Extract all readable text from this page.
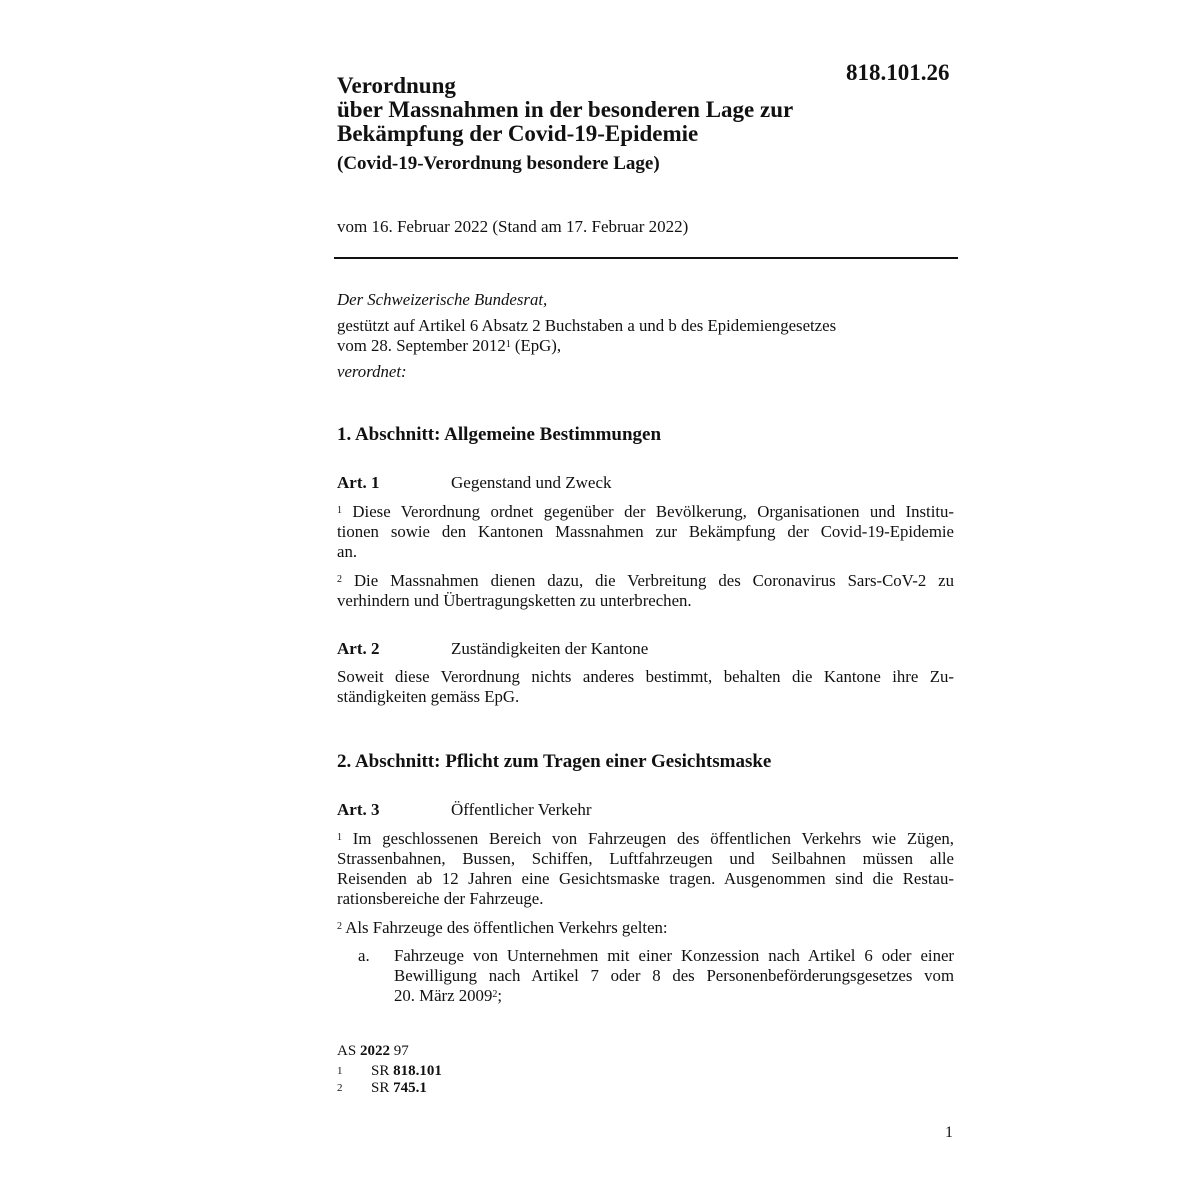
818.101.26
Verordnung
über Massnahmen in der besonderen Lage zur
Bekämpfung der Covid-19-Epidemie
(Covid-19-Verordnung besondere Lage)
vom 16. Februar 2022 (Stand am 17. Februar 2022)
Der Schweizerische Bundesrat,
gestützt auf Artikel 6 Absatz 2 Buchstaben a und b des Epidemiengesetzes
vom 28. September 2012$^1$ (EpG),
verordnet:
1. Abschnitt: Allgemeine Bestimmungen
Art. 1	Gegenstand und Zweck
$^1$ Diese Verordnung ordnet gegenüber der Bevölkerung, Organisationen und Institu-
tionen sowie den Kantonen Massnahmen zur Bekämpfung der Covid-19-Epidemie
an.
$^2$ Die Massnahmen dienen dazu, die Verbreitung des Coronavirus Sars-CoV-2 zu
verhindern und Übertragungsketten zu unterbrechen.
Art. 2	Zuständigkeiten der Kantone
Soweit diese Verordnung nichts anderes bestimmt, behalten die Kantone ihre Zu-
ständigkeiten gemäss EpG.
2. Abschnitt: Pflicht zum Tragen einer Gesichtsmaske
Art. 3	Öffentlicher Verkehr
$^1$ Im geschlossenen Bereich von Fahrzeugen des öffentlichen Verkehrs wie Zügen,
Strassenbahnen, Bussen, Schiffen, Luftfahrzeugen und Seilbahnen müssen alle
Reisenden ab 12 Jahren eine Gesichtsmaske tragen. Ausgenommen sind die Restau-
rationsbereiche der Fahrzeuge.
$^2$ Als Fahrzeuge des öffentlichen Verkehrs gelten:
a. Fahrzeuge von Unternehmen mit einer Konzession nach Artikel 6 oder einer
Bewilligung nach Artikel 7 oder 8 des Personenbeförderungsgesetzes vom
20. März 2009$^2$;
AS 2022 97
1 SR 818.101
2 SR 745.1
1
